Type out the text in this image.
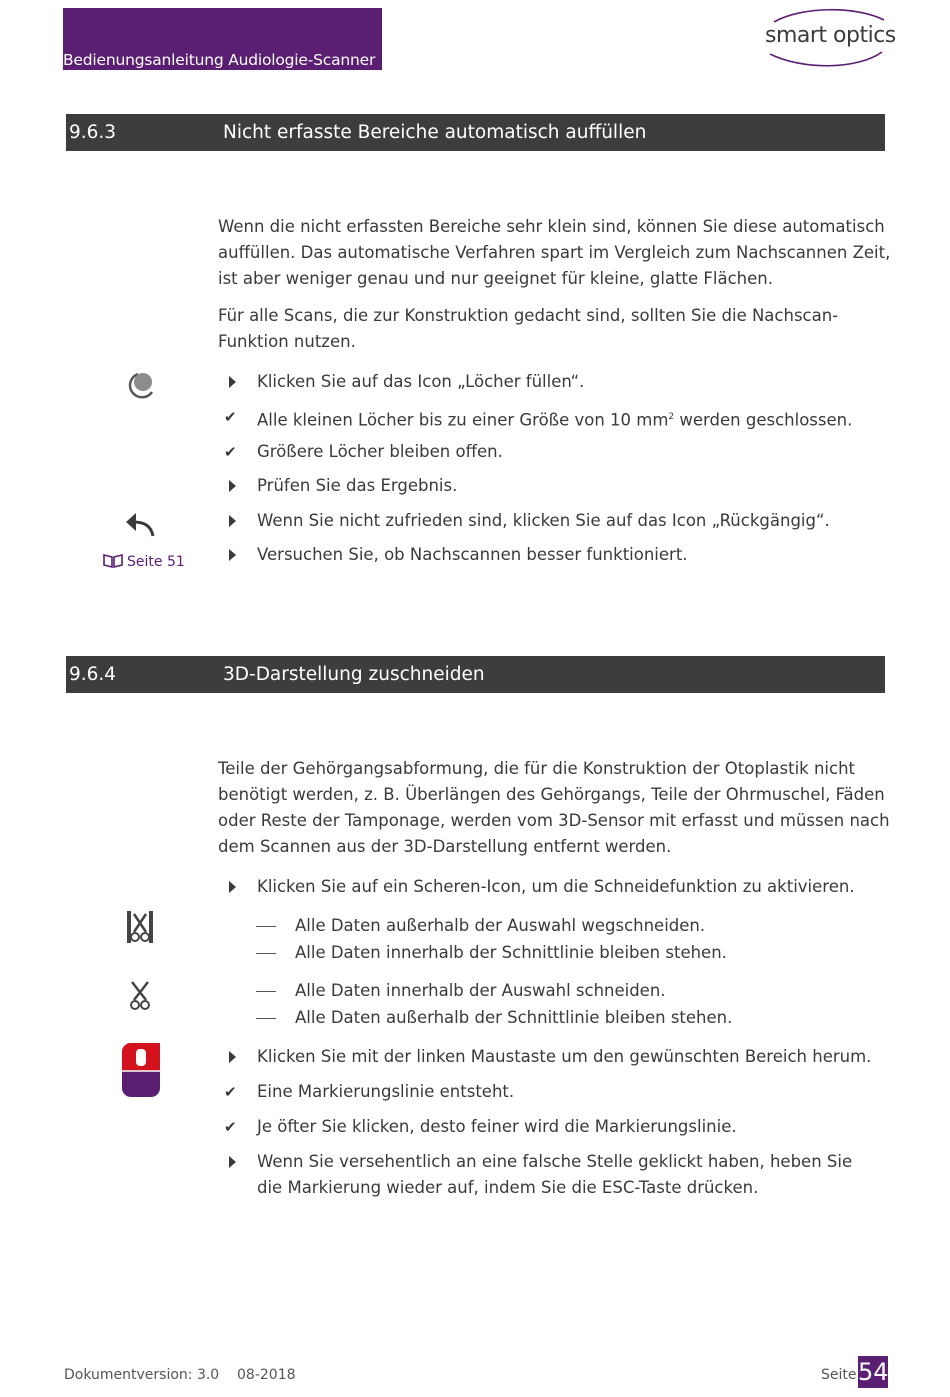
Bedienungsanleitung Audiologie-Scanner
smart optics
9.6.3	Nicht erfasste Bereiche automatisch auffüllen

Wenn die nicht erfassten Bereiche sehr klein sind, können Sie diese automatisch auffüllen. Das automatische Verfahren spart im Vergleich zum Nachscannen Zeit, ist aber weniger genau und nur geeignet für kleine, glatte Flächen.

Für alle Scans, die zur Konstruktion gedacht sind, sollten Sie die Nachscan-Funktion nutzen.

Klicken Sie auf das Icon „Löcher füllen“.
✔ Alle kleinen Löcher bis zu einer Größe von 10 $mm^2$ werden geschlossen.
✔ Größere Löcher bleiben offen.
Prüfen Sie das Ergebnis.
Wenn Sie nicht zufrieden sind, klicken Sie auf das Icon „Rückgängig“.
Versuchen Sie, ob Nachscannen besser funktioniert.
Seite 51
9.6.4	3D-Darstellung zuschneiden

Teile der Gehörgangsabformung, die für die Konstruktion der Otoplastik nicht benötigt werden, z. B. Überlängen des Gehörgangs, Teile der Ohrmuschel, Fäden oder Reste der Tamponage, werden vom 3D-Sensor mit erfasst und müssen nach dem Scannen aus der 3D-Darstellung entfernt werden.

Klicken Sie auf ein Scheren-Icon, um die Schneidefunktion zu aktivieren.
Alle Daten außerhalb der Auswahl wegschneiden.
Alle Daten innerhalb der Schnittlinie bleiben stehen.
Alle Daten innerhalb der Auswahl schneiden.
Alle Daten außerhalb der Schnittlinie bleiben stehen.
Klicken Sie mit der linken Maustaste um den gewünschten Bereich herum.
✔ Eine Markierungslinie entsteht.
✔ Je öfter Sie klicken, desto feiner wird die Markierungslinie.
Wenn Sie versehentlich an eine falsche Stelle geklickt haben, heben Sie die Markierung wieder auf, indem Sie die ESC-Taste drücken.
Dokumentversion: 3.0    08-2018	Seite 54
